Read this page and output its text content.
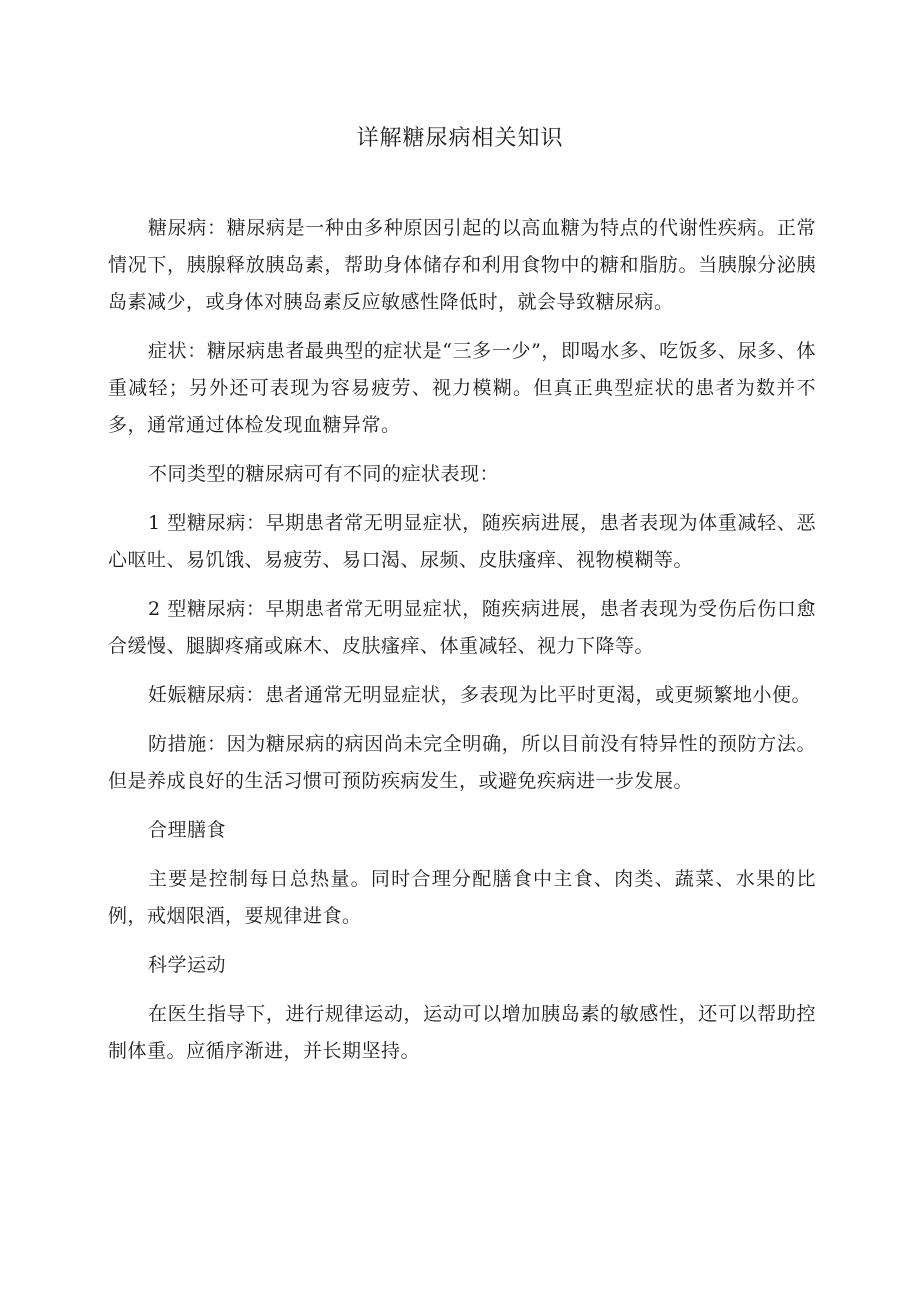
详解糖尿病相关知识

糖尿病：糖尿病是一种由多种原因引起的以高血糖为特点的代谢性疾病。正常情况下，胰腺释放胰岛素，帮助身体储存和利用食物中的糖和脂肪。当胰腺分泌胰岛素减少，或身体对胰岛素反应敏感性降低时，就会导致糖尿病。

症状：糖尿病患者最典型的症状是“三多一少”，即喝水多、吃饭多、尿多、体重减轻；另外还可表现为容易疲劳、视力模糊。但真正典型症状的患者为数并不多，通常通过体检发现血糖异常。

不同类型的糖尿病可有不同的症状表现：

1 型糖尿病：早期患者常无明显症状，随疾病进展，患者表现为体重减轻、恶心呕吐、易饥饿、易疲劳、易口渴、尿频、皮肤瘙痒、视物模糊等。

2 型糖尿病：早期患者常无明显症状，随疾病进展，患者表现为受伤后伤口愈合缓慢、腿脚疼痛或麻木、皮肤瘙痒、体重减轻、视力下降等。

妊娠糖尿病：患者通常无明显症状，多表现为比平时更渴，或更频繁地小便。

防措施：因为糖尿病的病因尚未完全明确，所以目前没有特异性的预防方法。但是养成良好的生活习惯可预防疾病发生，或避免疾病进一步发展。

合理膳食

主要是控制每日总热量。同时合理分配膳食中主食、肉类、蔬菜、水果的比例，戒烟限酒，要规律进食。

科学运动

在医生指导下，进行规律运动，运动可以增加胰岛素的敏感性，还可以帮助控制体重。应循序渐进，并长期坚持。
